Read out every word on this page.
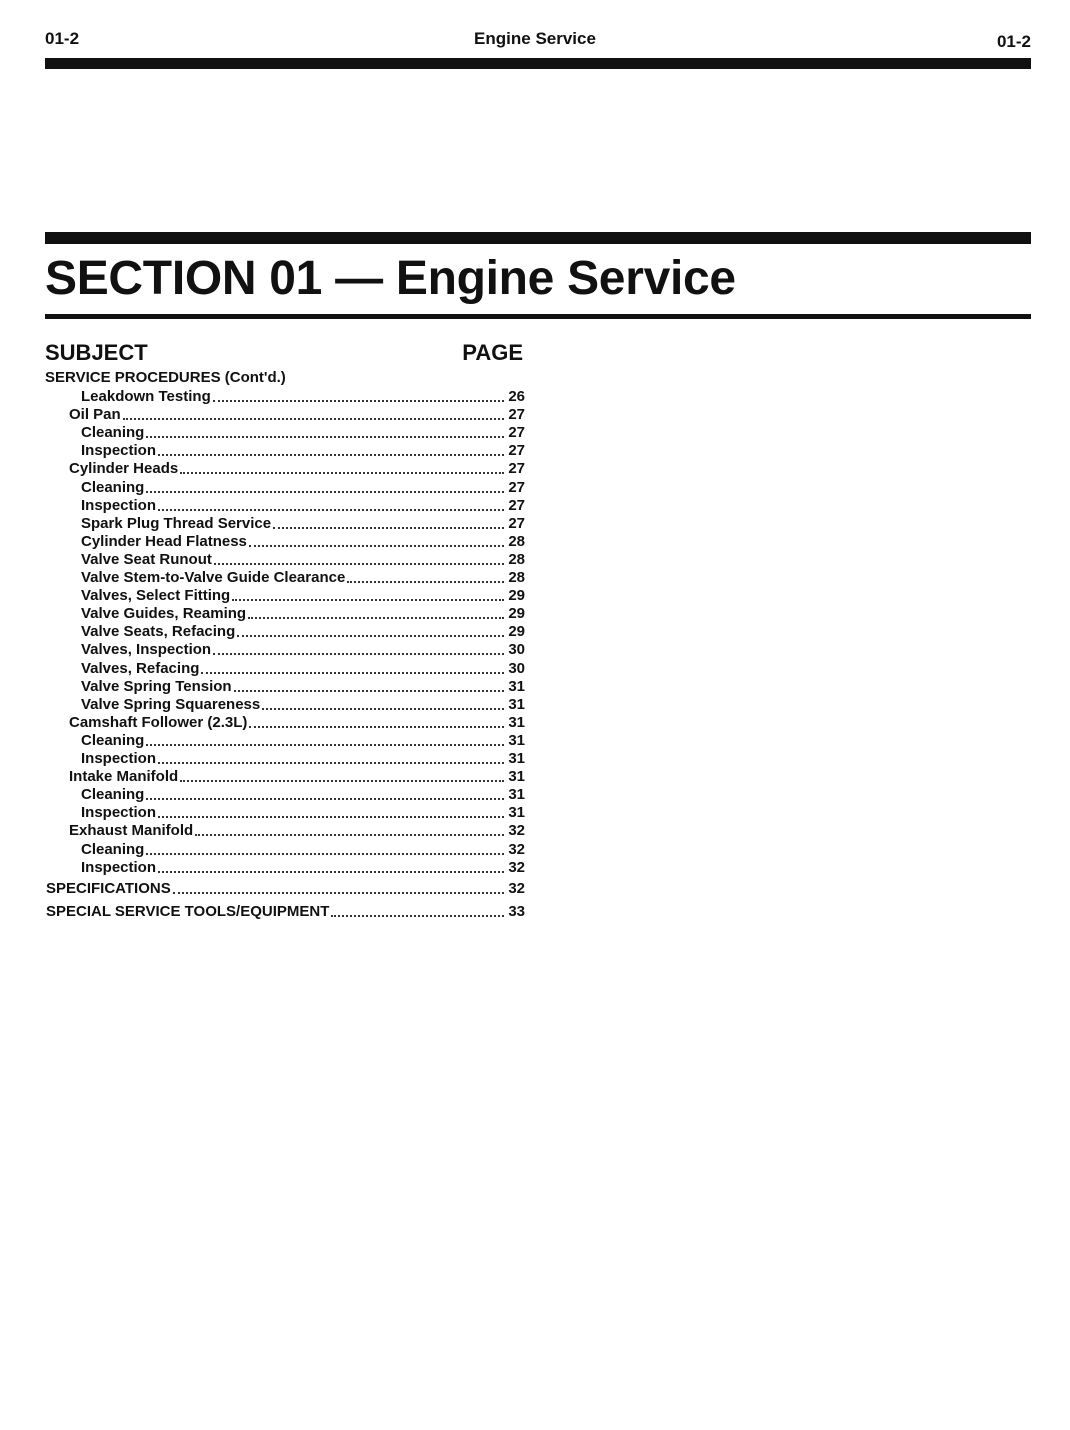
01-2	Engine Service	01-2
SECTION 01 — Engine Service
SUBJECT	PAGE
SERVICE PROCEDURES (Cont'd.)
Leakdown Testing	26
Oil Pan	27
Cleaning	27
Inspection	27
Cylinder Heads	27
Cleaning	27
Inspection	27
Spark Plug Thread Service	27
Cylinder Head Flatness	28
Valve Seat Runout	28
Valve Stem-to-Valve Guide Clearance	28
Valves, Select Fitting	29
Valve Guides, Reaming	29
Valve Seats, Refacing	29
Valves, Inspection	30
Valves, Refacing	30
Valve Spring Tension	31
Valve Spring Squareness	31
Camshaft Follower (2.3L)	31
Cleaning	31
Inspection	31
Intake Manifold	31
Cleaning	31
Inspection	31
Exhaust Manifold	32
Cleaning	32
Inspection	32
SPECIFICATIONS	32
SPECIAL SERVICE TOOLS/EQUIPMENT	33
